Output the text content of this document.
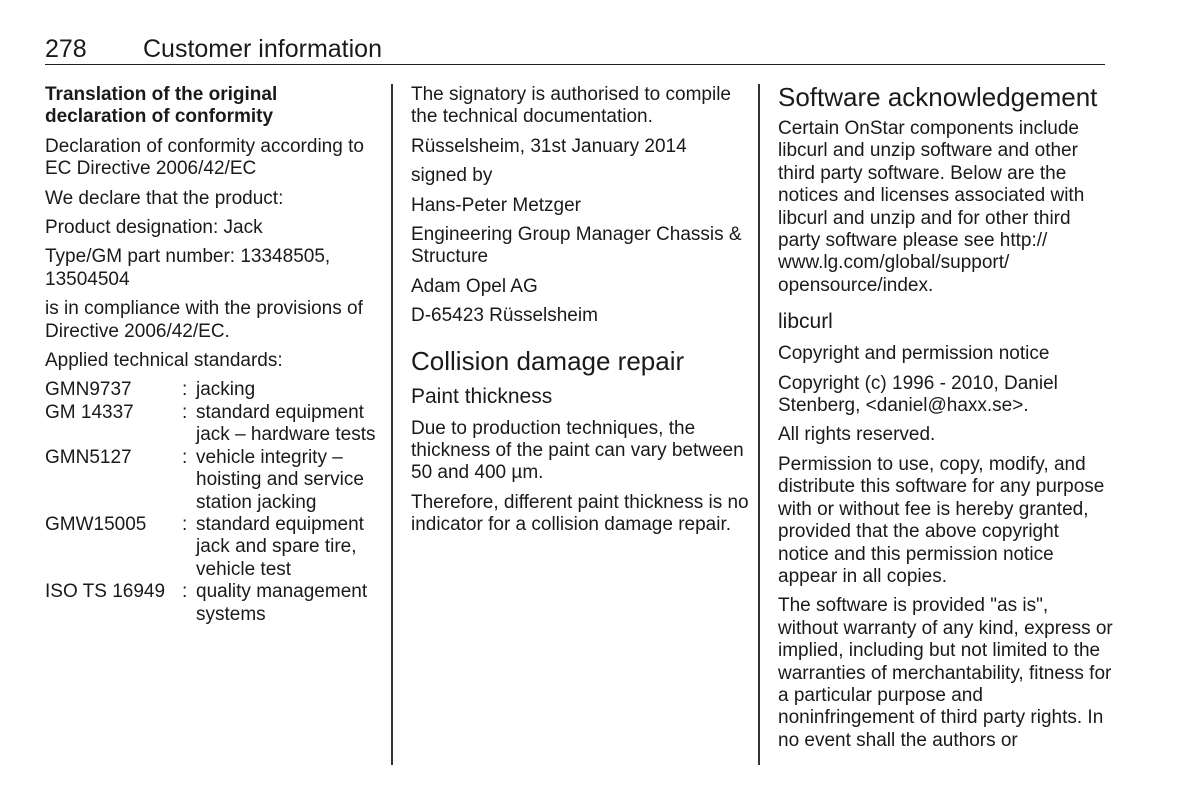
278 Customer information

Translation of the original declaration of conformity

Declaration of conformity according to EC Directive 2006/42/EC

We declare that the product:

Product designation: Jack

Type/GM part number: 13348505, 13504504

is in compliance with the provisions of Directive 2006/42/EC.

Applied technical standards:

GMN9737	:	jacking
GM 14337	:	standard equipment jack – hardware tests
GMN5127	:	vehicle integrity – hoisting and service station jacking
GMW15005	:	standard equipment jack and spare tire, vehicle test
ISO TS 16949	:	quality management systems

The signatory is authorised to compile the technical documentation.

Rüsselsheim, 31st January 2014

signed by

Hans-Peter Metzger

Engineering Group Manager Chassis & Structure

Adam Opel AG

D-65423 Rüsselsheim

Collision damage repair
Paint thickness

Due to production techniques, the thickness of the paint can vary between 50 and 400 µm.

Therefore, different paint thickness is no indicator for a collision damage repair.

Software acknowledgement

Certain OnStar components include libcurl and unzip software and other third party software. Below are the notices and licenses associated with libcurl and unzip and for other third party software please see http:// www.lg.com/global/support/ opensource/index.

libcurl

Copyright and permission notice

Copyright (c) 1996 - 2010, Daniel Stenberg, <daniel@haxx.se>.

All rights reserved.

Permission to use, copy, modify, and distribute this software for any purpose with or without fee is hereby granted, provided that the above copyright notice and this permission notice appear in all copies.

The software is provided "as is", without warranty of any kind, express or implied, including but not limited to the warranties of merchantability, fitness for a particular purpose and noninfringement of third party rights. In no event shall the authors or
